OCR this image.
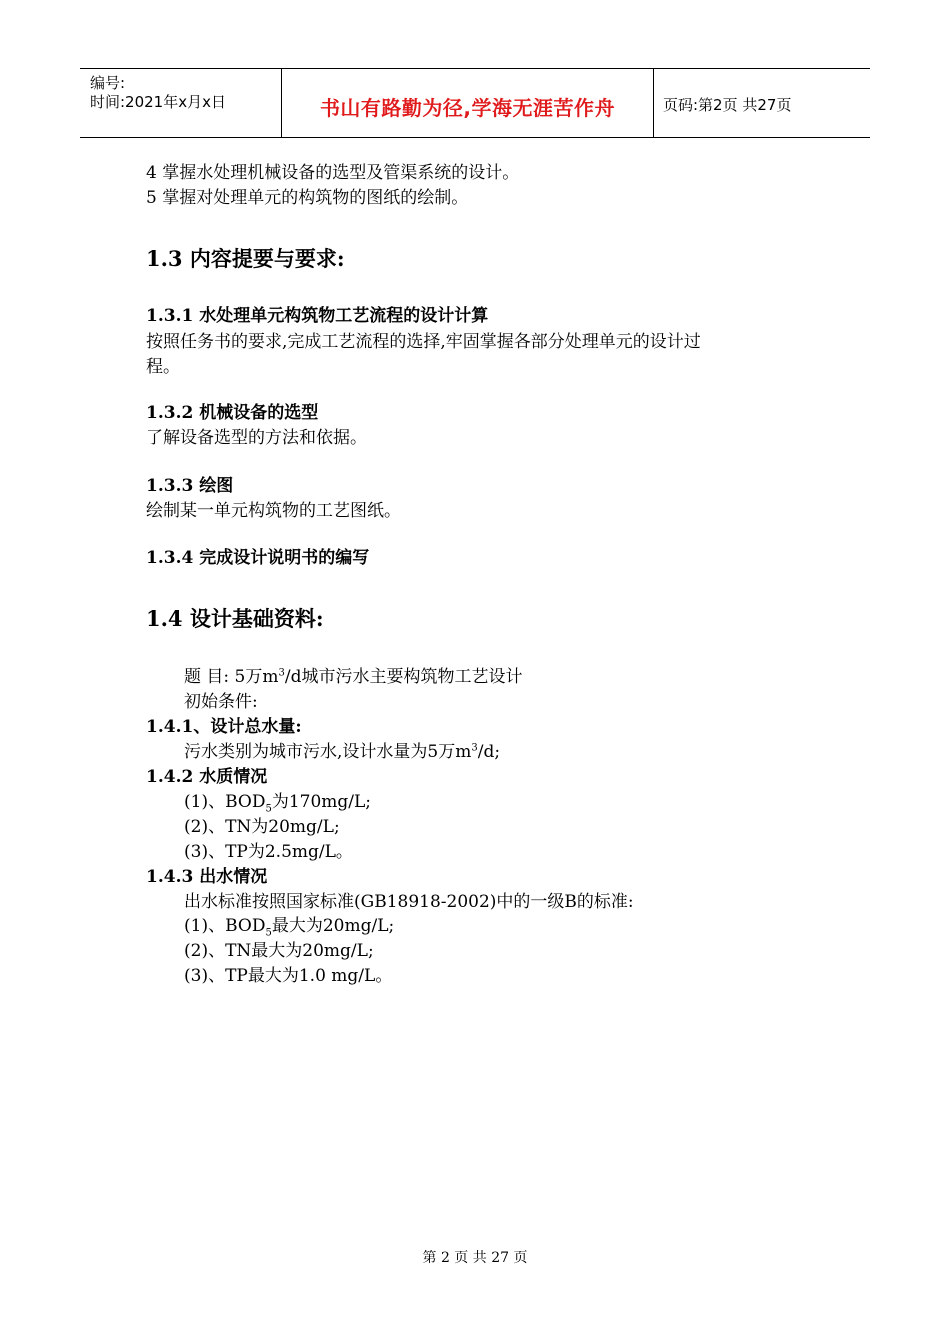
编号:
时间:2021年x月x日	书山有路勤为径,学海无涯苦作舟	页码:第2页 共27页
4 掌握水处理机械设备的选型及管渠系统的设计。
5 掌握对处理单元的构筑物的图纸的绘制。
1.3 内容提要与要求:
1.3.1 水处理单元构筑物工艺流程的设计计算
按照任务书的要求,完成工艺流程的选择,牢固掌握各部分处理单元的设计过
程。
1.3.2 机械设备的选型
了解设备选型的方法和依据。
1.3.3 绘图
绘制某一单元构筑物的工艺图纸。
1.3.4 完成设计说明书的编写
1.4 设计基础资料:
题 目: 5万$m^3/d$城市污水主要构筑物工艺设计
初始条件:
1.4.1、设计总水量:
污水类别为城市污水,设计水量为5万$m^3/d$;
1.4.2 水质情况
(1)、$BOD_5$为170mg/L;
(2)、TN为20mg/L;
(3)、TP为2.5mg/L。
1.4.3 出水情况
出水标准按照国家标准(GB18918-2002)中的一级B的标准:
(1)、$BOD_5$最大为20mg/L;
(2)、TN最大为20mg/L;
(3)、TP最大为1.0 mg/L。
第 2 页 共 27 页
